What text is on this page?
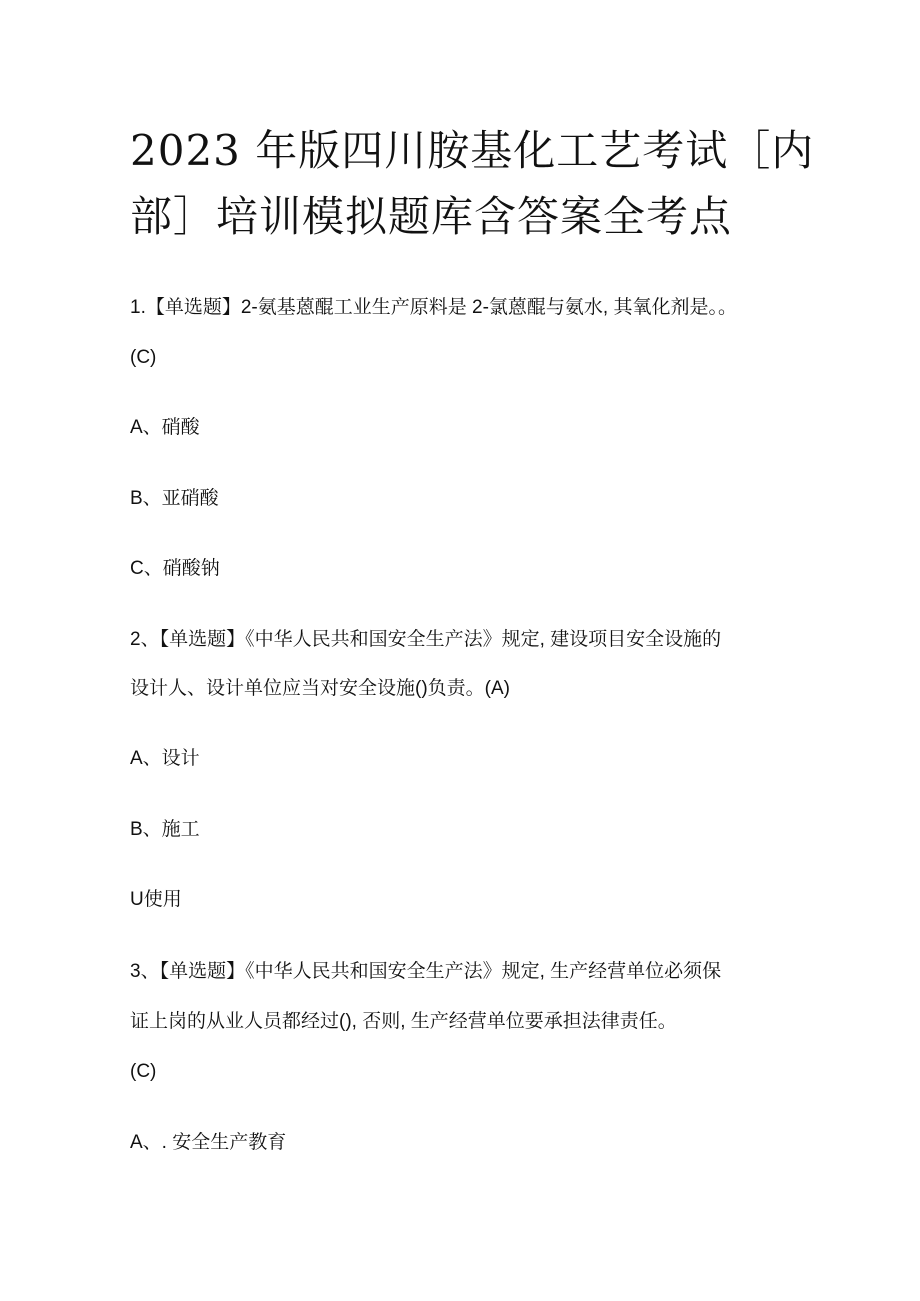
2023 年版四川胺基化工艺考试［内
部］培训模拟题库含答案全考点
1.【单选题】2-氨基蒽醌工业生产原料是 2-氯蒽醌与氨水, 其氧化剂是。。
(C)
A、硝酸
B、亚硝酸
C、硝酸钠
2、【单选题】《中华人民共和国安全生产法》规定, 建设项目安全设施的
设计人、设计单位应当对安全设施()负责。(A)
A、设计
B、施工
U使用
3、【单选题】《中华人民共和国安全生产法》规定, 生产经营单位必须保
证上岗的从业人员都经过(), 否则, 生产经营单位要承担法律责任。
(C)
A、. 安全生产教育
